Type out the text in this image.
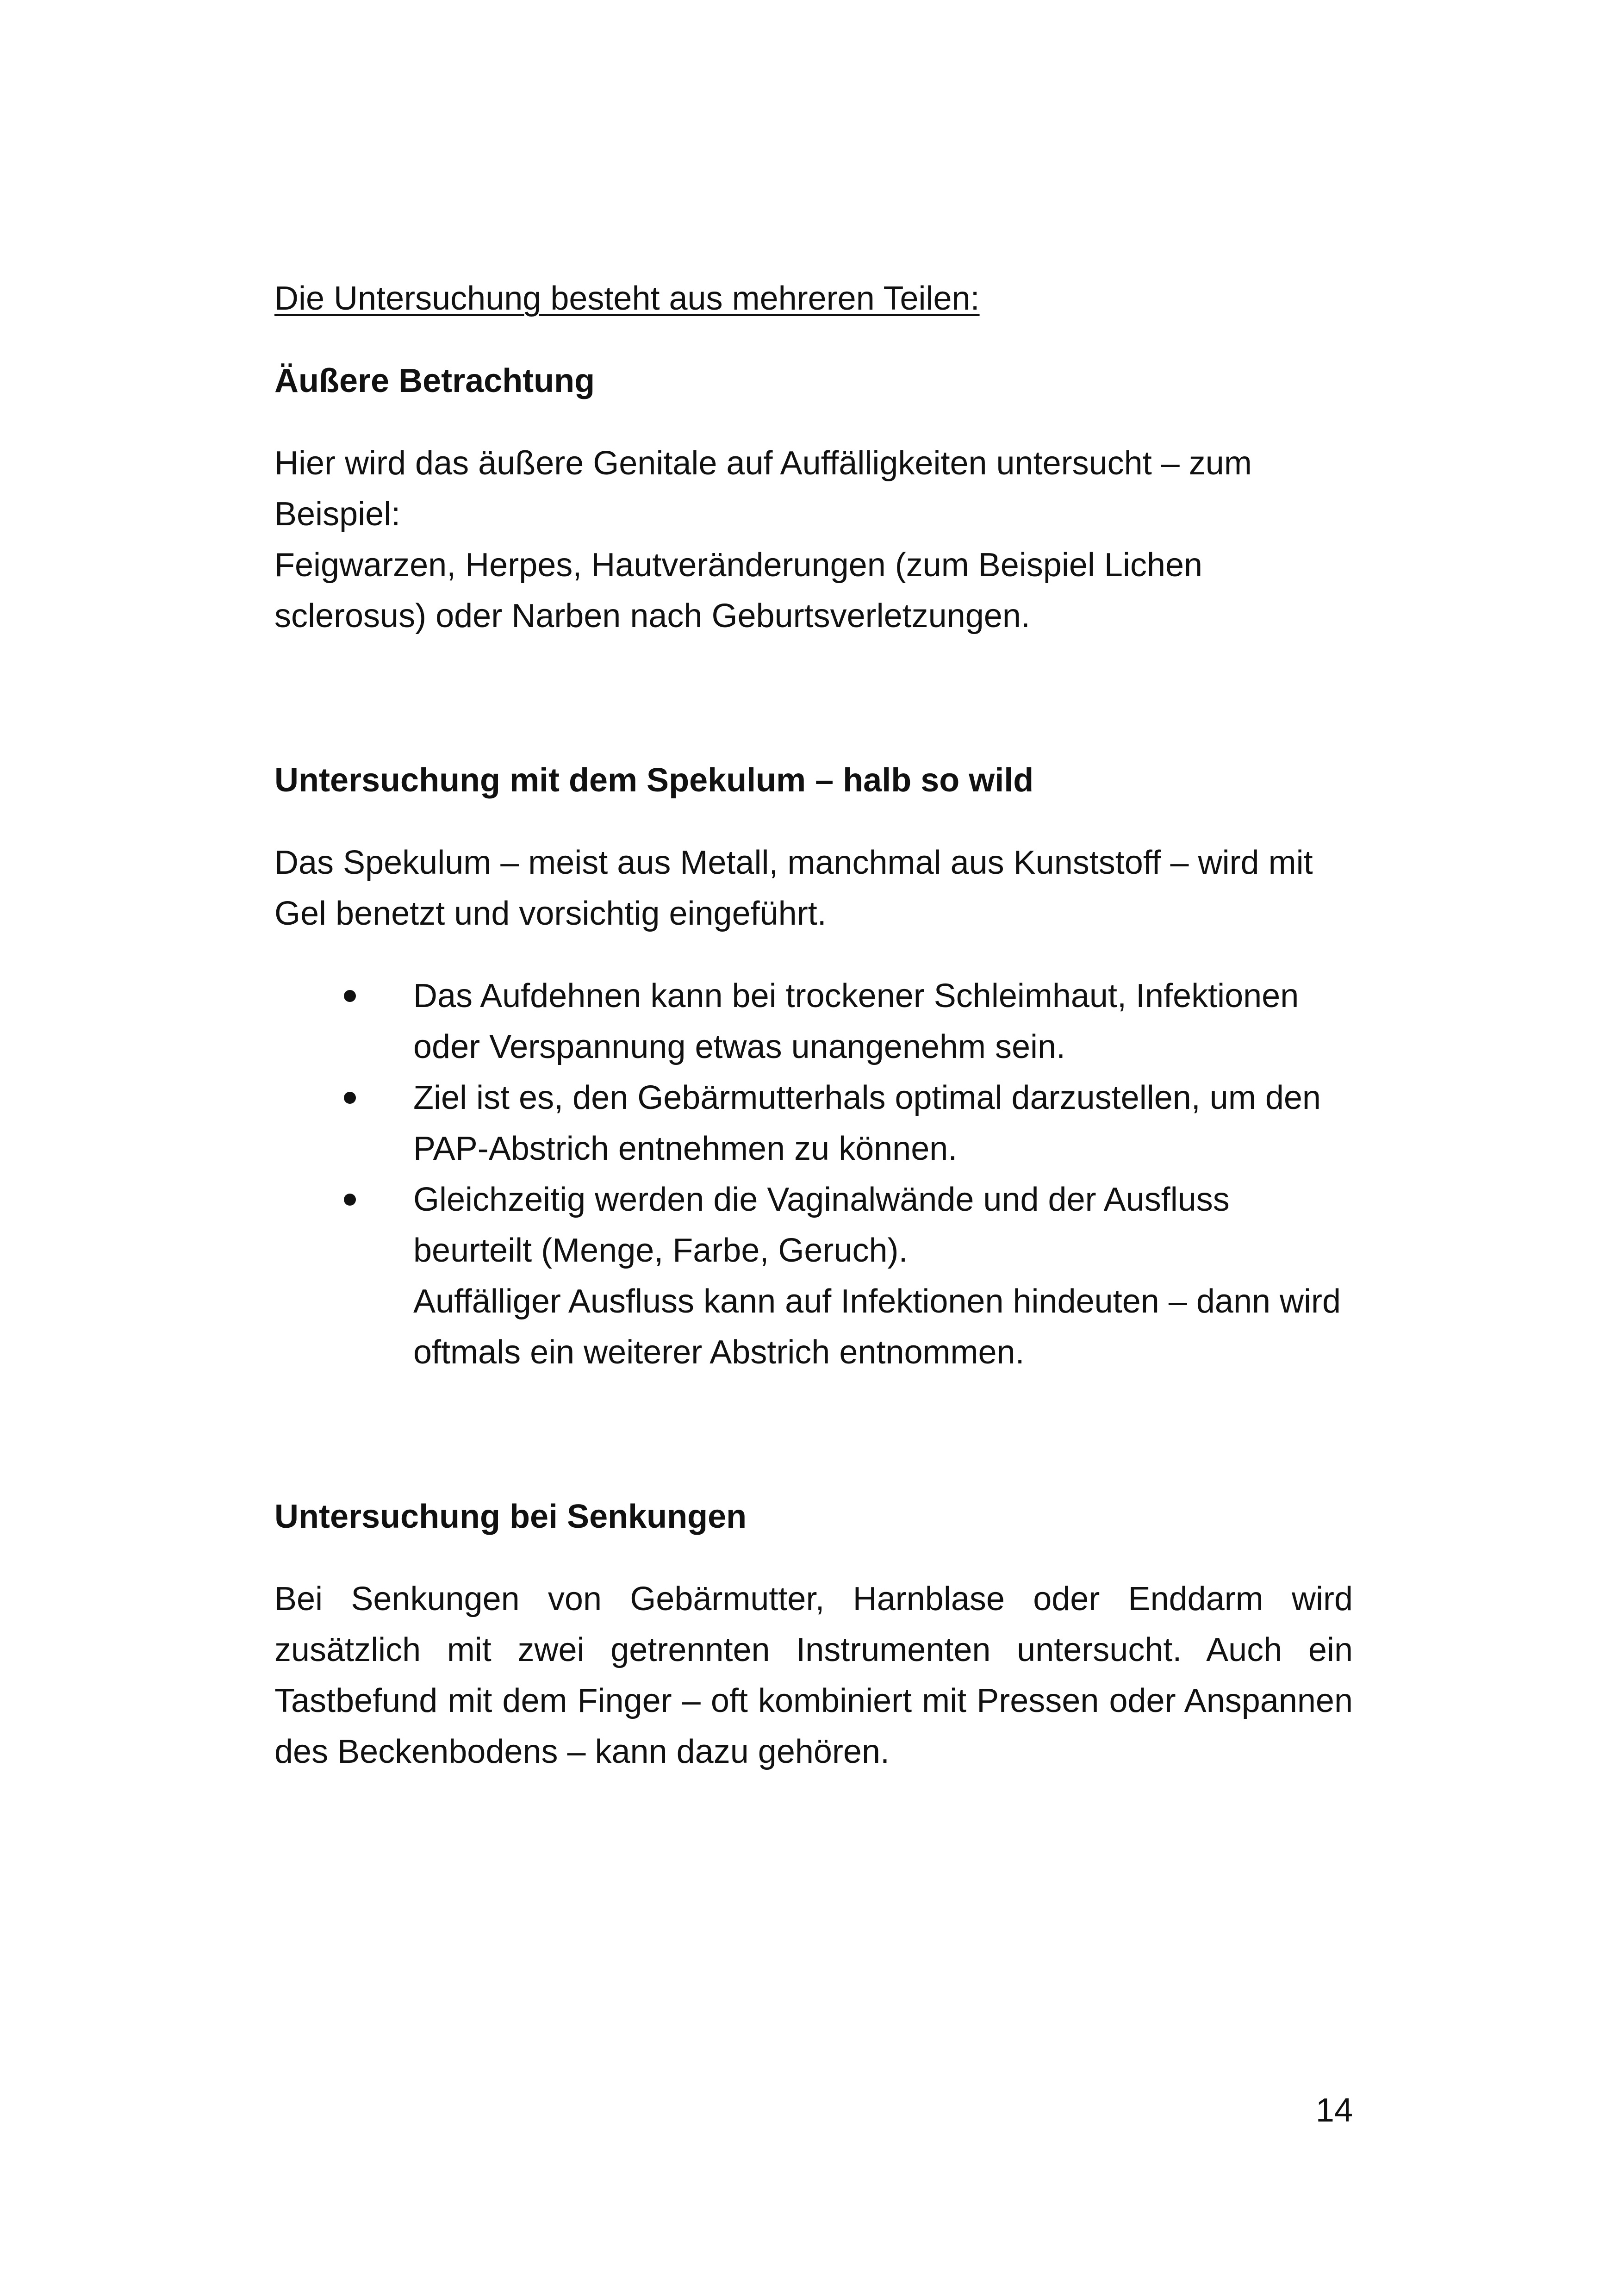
Die Untersuchung besteht aus mehreren Teilen:

Äußere Betrachtung

Hier wird das äußere Genitale auf Auffälligkeiten untersucht – zum Beispiel:

Feigwarzen, Herpes, Hautveränderungen (zum Beispiel Lichen sclerosus) oder Narben nach Geburtsverletzungen.

Untersuchung mit dem Spekulum – halb so wild

Das Spekulum – meist aus Metall, manchmal aus Kunststoff – wird mit Gel benetzt und vorsichtig eingeführt.

Das Aufdehnen kann bei trockener Schleimhaut, Infektionen oder Verspannung etwas unangenehm sein.
Ziel ist es, den Gebärmutterhals optimal darzustellen, um den PAP-Abstrich entnehmen zu können.
Gleichzeitig werden die Vaginalwände und der Ausfluss beurteilt (Menge, Farbe, Geruch).
Auffälliger Ausfluss kann auf Infektionen hindeuten – dann wird oftmals ein weiterer Abstrich entnommen.
Untersuchung bei Senkungen

Bei Senkungen von Gebärmutter, Harnblase oder Enddarm wird zusätzlich mit zwei getrennten Instrumenten untersucht. Auch ein Tastbefund mit dem Finger – oft kombiniert mit Pressen oder Anspannen des Beckenbodens – kann dazu gehören.

14
